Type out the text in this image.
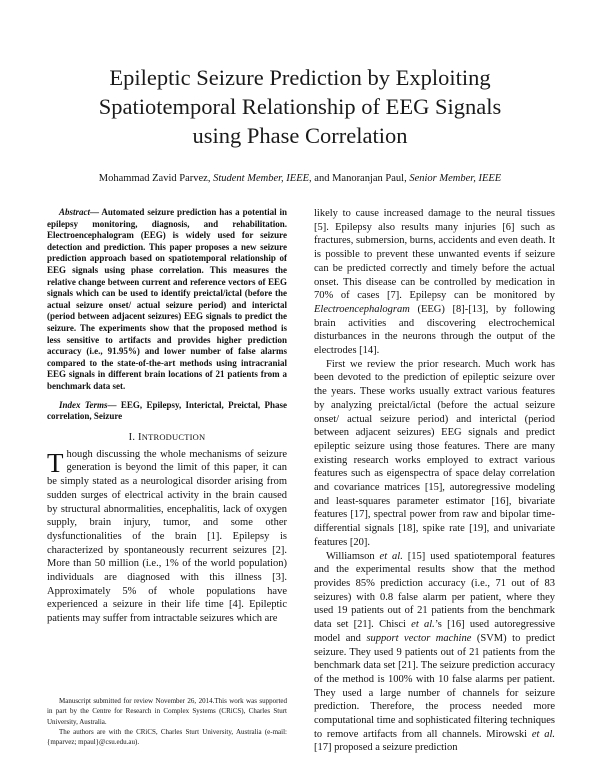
Epileptic Seizure Prediction by Exploiting
Spatiotemporal Relationship of EEG Signals
using Phase Correlation
Mohammad Zavid Parvez, Student Member, IEEE, and Manoranjan Paul, Senior Member, IEEE

Abstract— Automated seizure prediction has a potential in epilepsy monitoring, diagnosis, and rehabilitation. Electroencephalogram (EEG) is widely used for seizure detection and prediction. This paper proposes a new seizure prediction approach based on spatiotemporal relationship of EEG signals using phase correlation. This measures the relative change between current and reference vectors of EEG signals which can be used to identify preictal/ictal (before the actual seizure onset/ actual seizure period) and interictal (period between adjacent seizures) EEG signals to predict the seizure. The experiments show that the proposed method is less sensitive to artifacts and provides higher prediction accuracy (i.e., 91.95%) and lower number of false alarms compared to the state-of-the-art methods using intracranial EEG signals in different brain locations of 21 patients from a benchmark data set.

Index Terms— EEG, Epilepsy, Interictal, Preictal, Phase correlation, Seizure

I. INTRODUCTION

Though discussing the whole mechanisms of seizure generation is beyond the limit of this paper, it can be simply stated as a neurological disorder arising from sudden surges of electrical activity in the brain caused by structural abnormalities, encephalitis, lack of oxygen supply, brain injury, tumor, and some other dysfunctionalities of the brain [1]. Epilepsy is characterized by spontaneously recurrent seizures [2]. More than 50 million (i.e., 1% of the world population) individuals are diagnosed with this illness [3]. Approximately 5% of whole populations have experienced a seizure in their life time [4]. Epileptic patients may suffer from intractable seizures which are

likely to cause increased damage to the neural tissues [5]. Epilepsy also results many injuries [6] such as fractures, submersion, burns, accidents and even death. It is possible to prevent these unwanted events if seizure can be predicted correctly and timely before the actual onset. This disease can be controlled by medication in 70% of cases [7]. Epilepsy can be monitored by Electroencephalogram (EEG) [8]-[13], by following brain activities and discovering electrochemical disturbances in the neurons through the output of the electrodes [14].

First we review the prior research. Much work has been devoted to the prediction of epileptic seizure over the years. These works usually extract various features by analyzing preictal/ictal (before the actual seizure onset/ actual seizure period) and interictal (period between adjacent seizures) EEG signals and predict epileptic seizure using those features. There are many existing research works employed to extract various features such as eigenspectra of space delay correlation and covariance matrices [15], autoregressive modeling and least-squares parameter estimator [16], bivariate features [17], spectral power from raw and bipolar time-differential signals [18], spike rate [19], and univariate features [20].

Williamson et al. [15] used spatiotemporal features and the experimental results show that the method provides 85% prediction accuracy (i.e., 71 out of 83 seizures) with 0.8 false alarm per patient, where they used 19 patients out of 21 patients from the benchmark data set [21]. Chisci et al.’s [16] used autoregressive model and support vector machine (SVM) to predict seizure. They used 9 patients out of 21 patients from the benchmark data set [21]. The seizure prediction accuracy of the method is 100% with 10 false alarms per patient. They used a large number of channels for seizure prediction. Therefore, the process needed more computational time and sophisticated filtering techniques to remove artifacts from all channels. Mirowski et al. [17] proposed a seizure prediction

Manuscript submitted for review November 26, 2014.This work was supported in part by the Centre for Research in Complex Systems (CRiCS), Charles Sturt University, Australia.

The authors are with the CRiCS, Charles Sturt University, Australia (e-mail: {mparvez; mpaul}@csu.edu.au).
